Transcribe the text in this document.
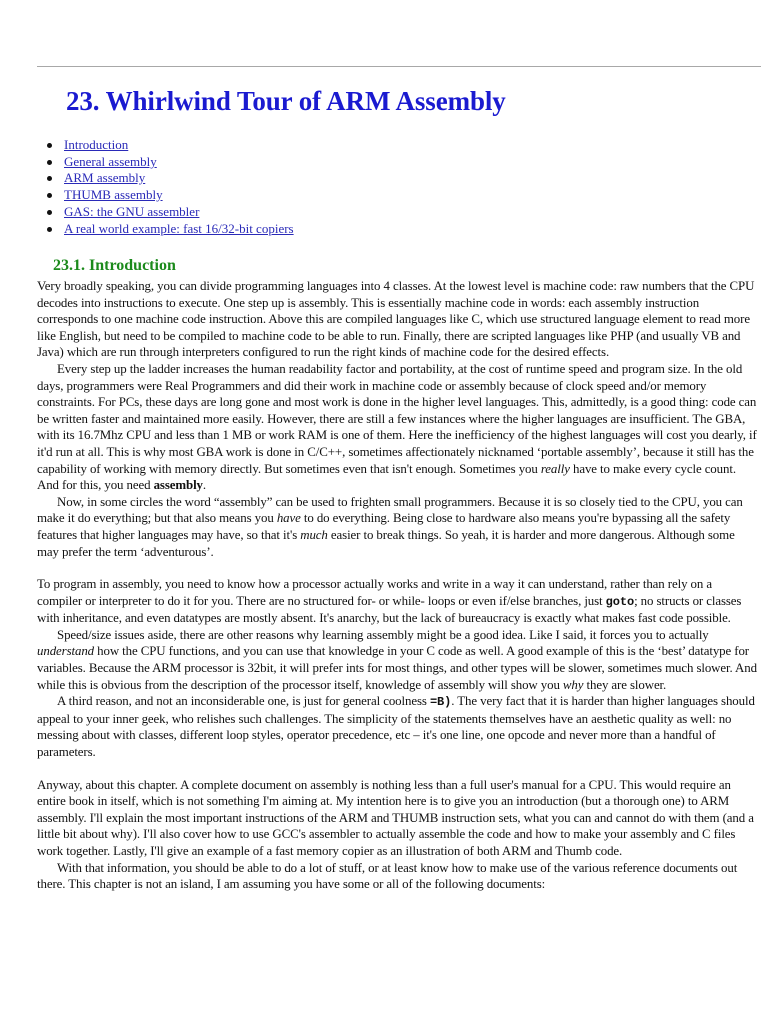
23. Whirlwind Tour of ARM Assembly
Introduction
General assembly
ARM assembly
THUMB assembly
GAS: the GNU assembler
A real world example: fast 16/32-bit copiers
23.1. Introduction

Very broadly speaking, you can divide programming languages into 4 classes. At the lowest level is machine code: raw numbers that the CPU decodes into instructions to execute. One step up is assembly. This is essentially machine code in words: each assembly instruction corresponds to one machine code instruction. Above this are compiled languages like C, which use structured language element to read more like English, but need to be compiled to machine code to be able to run. Finally, there are scripted languages like PHP (and usually VB and Java) which are run through interpreters configured to run the right kinds of machine code for the desired effects.

Every step up the ladder increases the human readability factor and portability, at the cost of runtime speed and program size. In the old days, programmers were Real Programmers and did their work in machine code or assembly because of clock speed and/or memory constraints. For PCs, these days are long gone and most work is done in the higher level languages. This, admittedly, is a good thing: code can be written faster and maintained more easily. However, there are still a few instances where the higher languages are insufficient. The GBA, with its 16.7Mhz CPU and less than 1 MB or work RAM is one of them. Here the inefficiency of the highest languages will cost you dearly, if it'd run at all. This is why most GBA work is done in C/C++, sometimes affectionately nicknamed ‘portable assembly’, because it still has the capability of working with memory directly. But sometimes even that isn't enough. Sometimes you really have to make every cycle count. And for this, you need assembly.

Now, in some circles the word “assembly” can be used to frighten small programmers. Because it is so closely tied to the CPU, you can make it do everything; but that also means you have to do everything. Being close to hardware also means you're bypassing all the safety features that higher languages may have, so that it's much easier to break things. So yeah, it is harder and more dangerous. Although some may prefer the term ‘adventurous’.

To program in assembly, you need to know how a processor actually works and write in a way it can understand, rather than rely on a compiler or interpreter to do it for you. There are no structured for- or while- loops or even if/else branches, just goto; no structs or classes with inheritance, and even datatypes are mostly absent. It's anarchy, but the lack of bureaucracy is exactly what makes fast code possible.

Speed/size issues aside, there are other reasons why learning assembly might be a good idea. Like I said, it forces you to actually understand how the CPU functions, and you can use that knowledge in your C code as well. A good example of this is the ‘best’ datatype for variables. Because the ARM processor is 32bit, it will prefer ints for most things, and other types will be slower, sometimes much slower. And while this is obvious from the description of the processor itself, knowledge of assembly will show you why they are slower.

A third reason, and not an inconsiderable one, is just for general coolness =B). The very fact that it is harder than higher languages should appeal to your inner geek, who relishes such challenges. The simplicity of the statements themselves have an aesthetic quality as well: no messing about with classes, different loop styles, operator precedence, etc – it's one line, one opcode and never more than a handful of parameters.

Anyway, about this chapter. A complete document on assembly is nothing less than a full user's manual for a CPU. This would require an entire book in itself, which is not something I'm aiming at. My intention here is to give you an introduction (but a thorough one) to ARM assembly. I'll explain the most important instructions of the ARM and THUMB instruction sets, what you can and cannot do with them (and a little bit about why). I'll also cover how to use GCC's assembler to actually assemble the code and how to make your assembly and C files work together. Lastly, I'll give an example of a fast memory copier as an illustration of both ARM and Thumb code.

With that information, you should be able to do a lot of stuff, or at least know how to make use of the various reference documents out there. This chapter is not an island, I am assuming you have some or all of the following documents:
